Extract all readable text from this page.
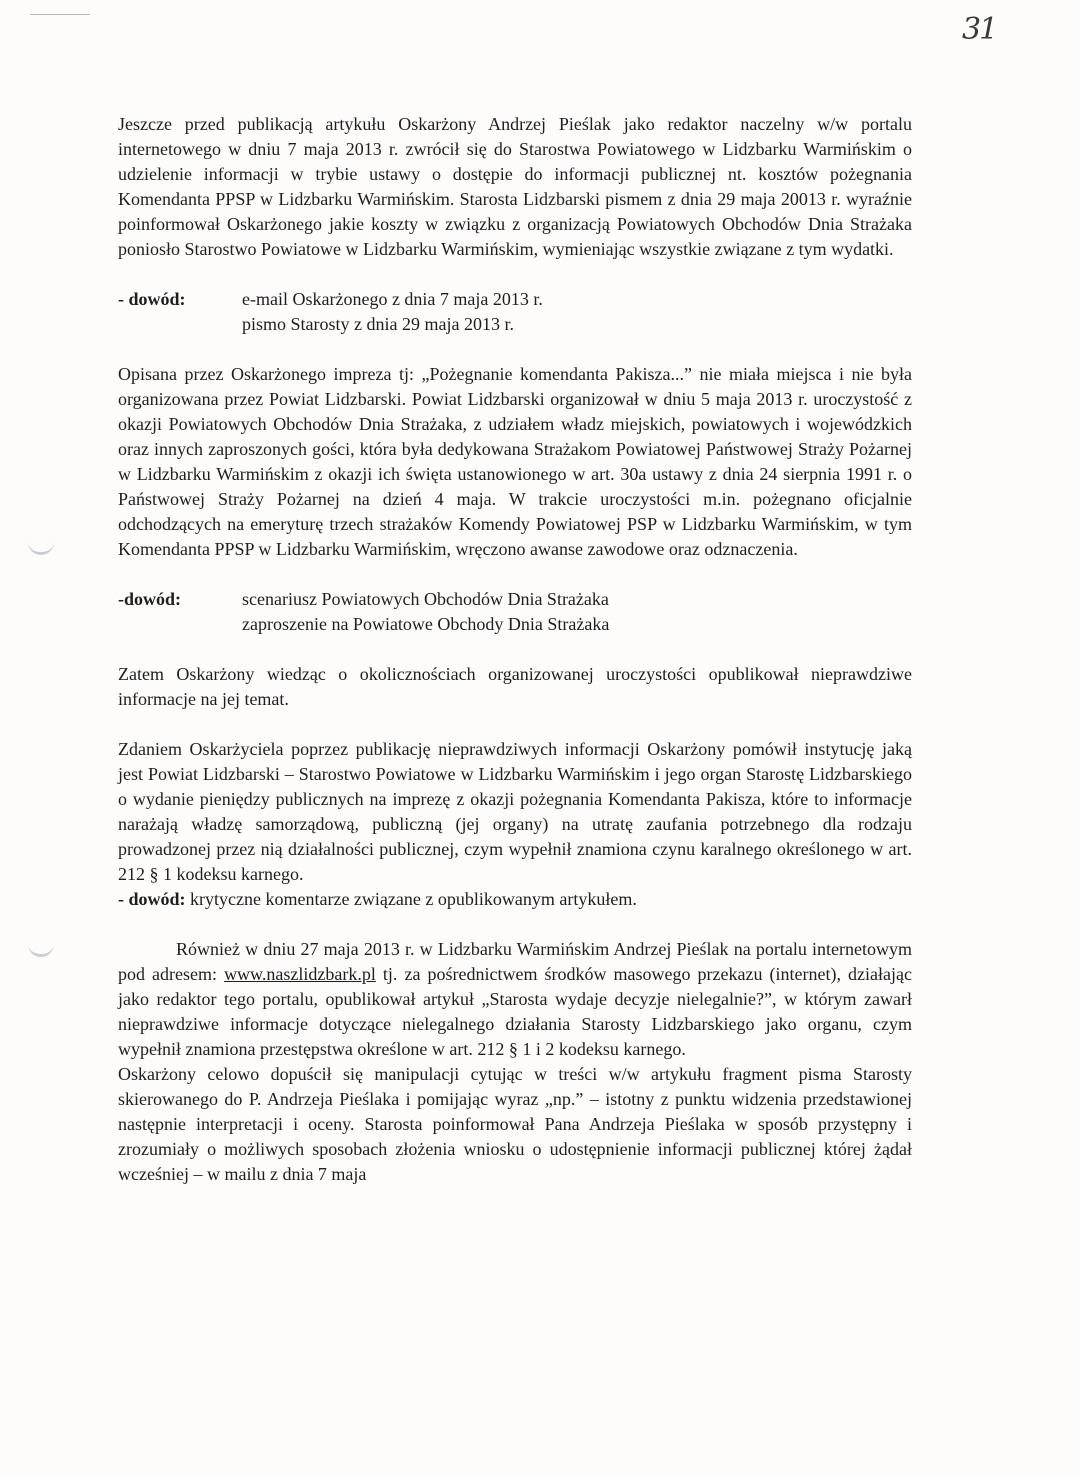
31

Jeszcze przed publikacją artykułu Oskarżony Andrzej Pieślak jako redaktor naczelny w/w portalu internetowego w dniu 7 maja 2013 r. zwrócił się do Starostwa Powiatowego w Lidzbarku Warmińskim o udzielenie informacji w trybie ustawy o dostępie do informacji publicznej nt. kosztów pożegnania Komendanta PPSP w Lidzbarku Warmińskim. Starosta Lidzbarski pismem z dnia 29 maja 20013 r. wyraźnie poinformował Oskarżonego jakie koszty w związku z organizacją Powiatowych Obchodów Dnia Strażaka poniosło Starostwo Powiatowe w Lidzbarku Warmińskim, wymieniając wszystkie związane z tym wydatki.

- dowód:	e-mail Oskarżonego z dnia 7 maja 2013 r.
pismo Starosty z dnia 29 maja 2013 r.

Opisana przez Oskarżonego impreza tj: „Pożegnanie komendanta Pakisza...” nie miała miejsca i nie była organizowana przez Powiat Lidzbarski. Powiat Lidzbarski organizował w dniu 5 maja 2013 r. uroczystość z okazji Powiatowych Obchodów Dnia Strażaka, z udziałem władz miejskich, powiatowych i wojewódzkich oraz innych zaproszonych gości, która była dedykowana Strażakom Powiatowej Państwowej Straży Pożarnej w Lidzbarku Warmińskim z okazji ich święta ustanowionego w art. 30a ustawy z dnia 24 sierpnia 1991 r. o Państwowej Straży Pożarnej na dzień 4 maja. W trakcie uroczystości m.in. pożegnano oficjalnie odchodzących na emeryturę trzech strażaków Komendy Powiatowej PSP w Lidzbarku Warmińskim, w tym Komendanta PPSP w Lidzbarku Warmińskim, wręczono awanse zawodowe oraz odznaczenia.

-dowód:	scenariusz Powiatowych Obchodów Dnia Strażaka
zaproszenie na Powiatowe Obchody Dnia Strażaka

Zatem Oskarżony wiedząc o okolicznościach organizowanej uroczystości opublikował nieprawdziwe informacje na jej temat.

Zdaniem Oskarżyciela poprzez publikację nieprawdziwych informacji Oskarżony pomówił instytucję jaką jest Powiat Lidzbarski – Starostwo Powiatowe w Lidzbarku Warmińskim i jego organ Starostę Lidzbarskiego o wydanie pieniędzy publicznych na imprezę z okazji pożegnania Komendanta Pakisza, które to informacje narażają władzę samorządową, publiczną (jej organy) na utratę zaufania potrzebnego dla rodzaju prowadzonej przez nią działalności publicznej, czym wypełnił znamiona czynu karalnego określonego w art. 212 § 1 kodeksu karnego.

- dowód: krytyczne komentarze związane z opublikowanym artykułem.

Również w dniu 27 maja 2013 r. w Lidzbarku Warmińskim Andrzej Pieślak na portalu internetowym pod adresem: www.naszlidzbark.pl tj. za pośrednictwem środków masowego przekazu (internet), działając jako redaktor tego portalu, opublikował artykuł „Starosta wydaje decyzje nielegalnie?”, w którym zawarł nieprawdziwe informacje dotyczące nielegalnego działania Starosty Lidzbarskiego jako organu, czym wypełnił znamiona przestępstwa określone w art. 212 § 1 i 2 kodeksu karnego.

Oskarżony celowo dopuścił się manipulacji cytując w treści w/w artykułu fragment pisma Starosty skierowanego do P. Andrzeja Pieślaka i pomijając wyraz „np.” – istotny z punktu widzenia przedstawionej następnie interpretacji i oceny. Starosta poinformował Pana Andrzeja Pieślaka w sposób przystępny i zrozumiały o możliwych sposobach złożenia wniosku o udostępnienie informacji publicznej której żądał wcześniej – w mailu z dnia 7 maja
